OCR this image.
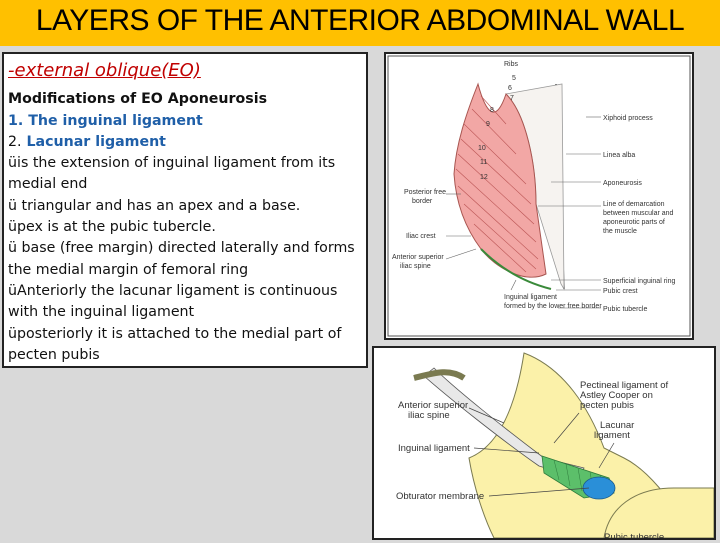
LAYERS OF THE ANTERIOR ABDOMINAL WALL
-external oblique(EO)
Modifications of EO Aponeurosis
1. The inguinal ligament
2. Lacunar ligament
üis the extension of inguinal ligament from its medial end
ü triangular and has an apex and a base.
üpex is at the pubic tubercle.
ü base (free margin) directed laterally and forms the medial margin of femoral ring
üAnteriorly the lacunar ligament is continuous with the inguinal ligament
üposteriorly it is attached to the medial part of pecten pubis
Ribs
5
6
7
8
9
10
11
12
Xiphoid process
Linea alba
Aponeurosis
Line of demarcation
between muscular and
aponeurotic parts of
the muscle
Posterior free
border
Iliac crest
Anterior superior
iliac spine
Superficial inguinal ring
Pubic crest
Pubic tubercle
Inguinal ligament
formed by the lower free border
Anterior superior
iliac spine
Pectineal ligament of
Astley Cooper on
pecten pubis
Lacunar
ligament
Inguinal ligament
Obturator membrane
Pubic tubercle
